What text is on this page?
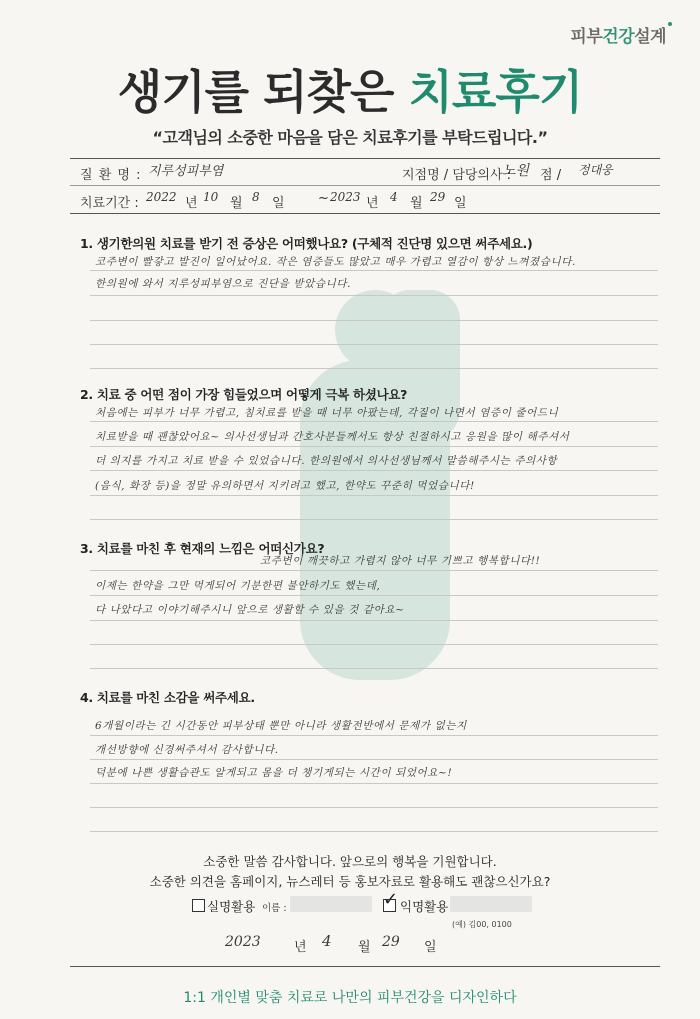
피부건강설계
생기를 되찾은 치료후기
“고객님의 소중한 마음을 담은 치료후기를 부탁드립니다.”
질 환 명 : 지루성피부염	지점명 / 담당의사 :
노원 점 / 정대웅
치료기간 : 2022 년 10 월 8 일 ~ 2023 년 4 월 29 일
1. 생기한의원 치료를 받기 전 증상은 어떠했나요? (구체적 진단명 있으면 써주세요.)
코주변이 빨갛고 발진이 일어났어요. 작은 염증들도 많았고 매우 가렵고 열감이 항상 느껴졌습니다.
한의원에 와서 지루성피부염으로 진단을 받았습니다.
2. 치료 중 어떤 점이 가장 힘들었으며 어떻게 극복 하셨나요?
처음에는 피부가 너무 가렵고, 침치료를 받을 때 너무 아팠는데, 각질이 나면서 염증이 줄어드니
치료받을 때 괜찮았어요~ 의사선생님과 간호사분들께서도 항상 친절하시고 응원을 많이 해주셔서
더 의지를 가지고 치료 받을 수 있었습니다. 한의원에서 의사선생님께서 말씀해주시는 주의사항
(음식, 화장 등)을 정말 유의하면서 지키려고 했고, 한약도 꾸준히 먹었습니다!
3. 치료를 마친 후 현재의 느낌은 어떠신가요?
코주변이 깨끗하고 가렵지 않아 너무 기쁘고 행복합니다!!
이제는 한약을 그만 먹게되어 기분한편 불안하기도 했는데,
다 나았다고 이야기해주시니 앞으로 생활할 수 있을 것 같아요~
4. 치료를 마친 소감을 써주세요.
6개월이라는 긴 시간동안 피부상태 뿐만 아니라 생활전반에서 문제가 없는지
개선방향에 신경써주셔서 감사합니다.
덕분에 나쁜 생활습관도 알게되고 몸을 더 챙기게되는 시간이 되었어요~!
소중한 말씀 감사합니다. 앞으로의 행복을 기원합니다.
소중한 의견을 홈페이지, 뉴스레터 등 홍보자료로 활용해도 괜찮으신가요?
실명활용 이름 :	✓ 익명활용
(예) 김00, 0100
2023	년 4 월 29 일
1:1 개인별 맞춤 치료로 나만의 피부건강을 디자인하다
